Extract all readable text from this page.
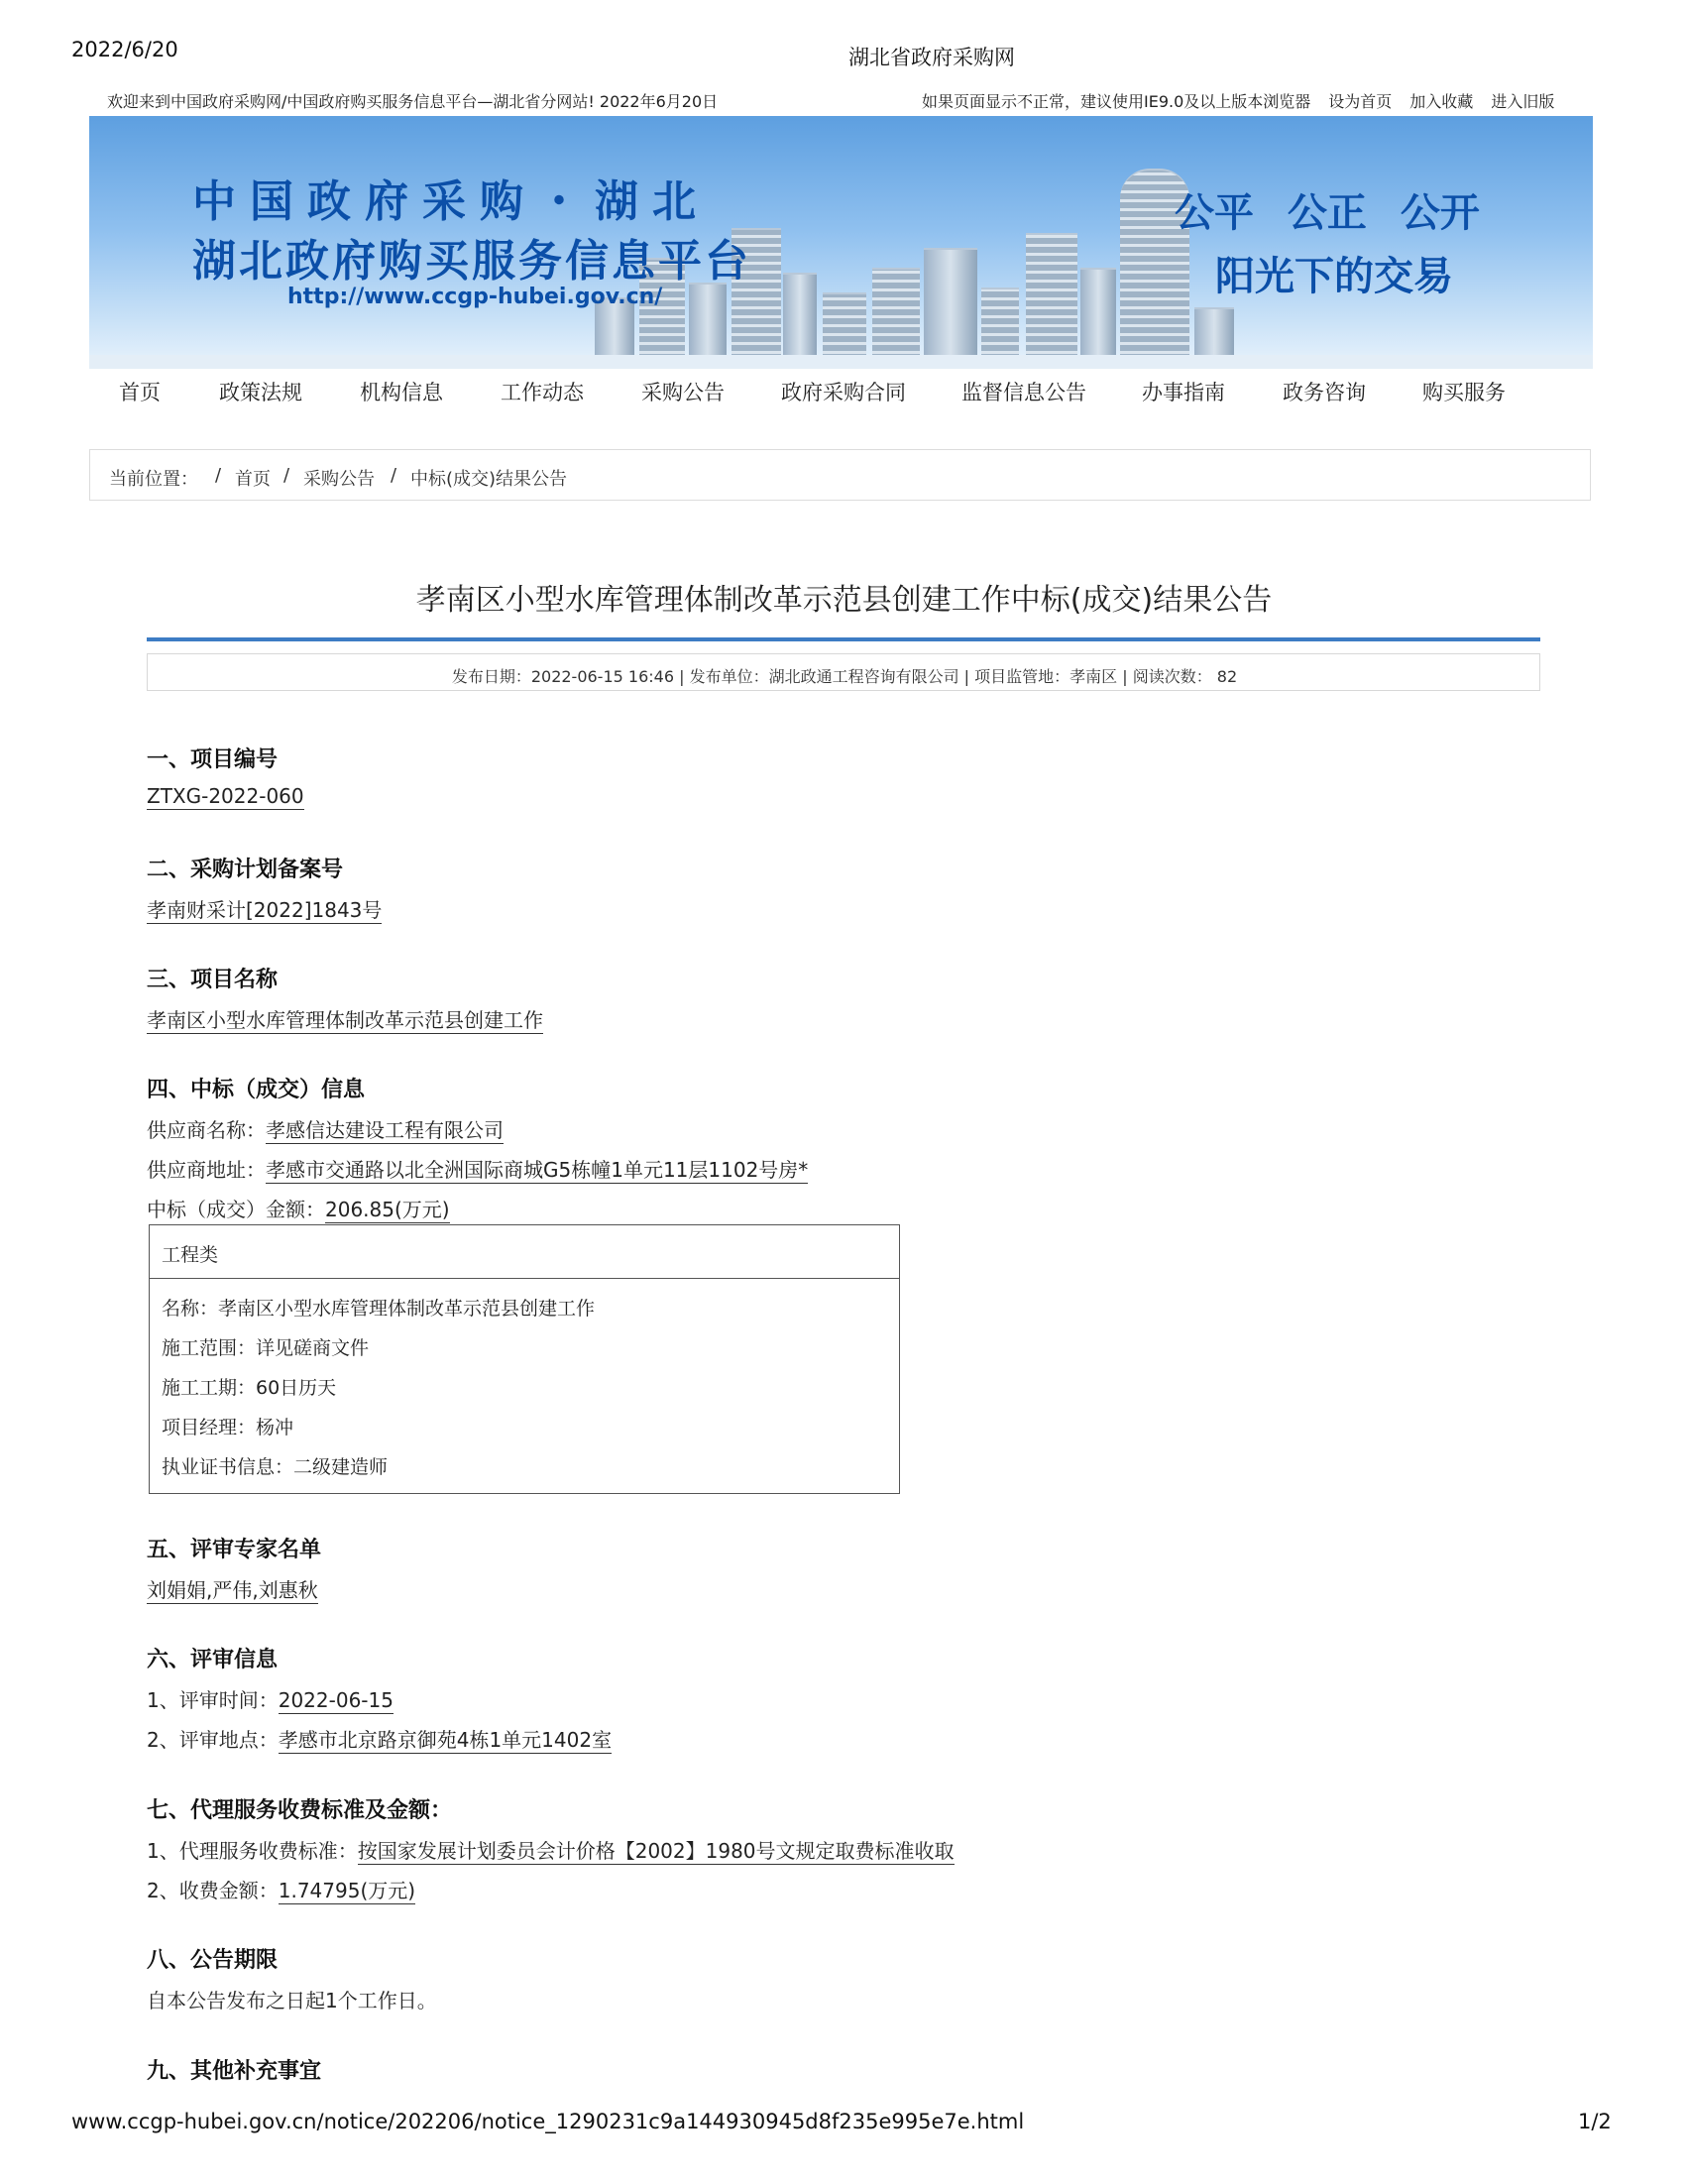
2022/6/20	湖北省政府采购网
欢迎来到中国政府采购网/中国政府购买服务信息平台—湖北省分网站! 2022年6月20日	如果页面显示不正常，建议使用IE9.0及以上版本浏览器 设为首页 加入收藏 进入旧版
中国政府采购・湖北
湖北政府购买服务信息平台
http://www.ccgp-hubei.gov.cn/
公平 公正 公开
阳光下的交易
首页	政策法规	机构信息	工作动态	采购公告	政府采购合同	监督信息公告	办事指南	政务咨询	购买服务
当前位置： / 首页 / 采购公告 / 中标(成交)结果公告
孝南区小型水库管理体制改革示范县创建工作中标(成交)结果公告
发布日期：2022-06-15 16:46 | 发布单位：湖北政通工程咨询有限公司 | 项目监管地：孝南区 | 阅读次数： 82
一、项目编号
ZTXG-2022-060
二、采购计划备案号
孝南财采计[2022]1843号
三、项目名称
孝南区小型水库管理体制改革示范县创建工作
四、中标（成交）信息
供应商名称：孝感信达建设工程有限公司
供应商地址：孝感市交通路以北全洲国际商城G5栋幢1单元11层1102号房*
中标（成交）金额：206.85(万元)
工程类
名称：孝南区小型水库管理体制改革示范县创建工作
施工范围：详见磋商文件
施工工期：60日历天
项目经理：杨冲
执业证书信息：二级建造师
五、评审专家名单
刘娟娟,严伟,刘惠秋
六、评审信息
1、评审时间：2022-06-15
2、评审地点：孝感市北京路京御苑4栋1单元1402室
七、代理服务收费标准及金额：
1、代理服务收费标准：按国家发展计划委员会计价格【2002】1980号文规定取费标准收取
2、收费金额：1.74795(万元)
八、公告期限
自本公告发布之日起1个工作日。
九、其他补充事宜
www.ccgp-hubei.gov.cn/notice/202206/notice_1290231c9a144930945d8f235e995e7e.html	1/2
